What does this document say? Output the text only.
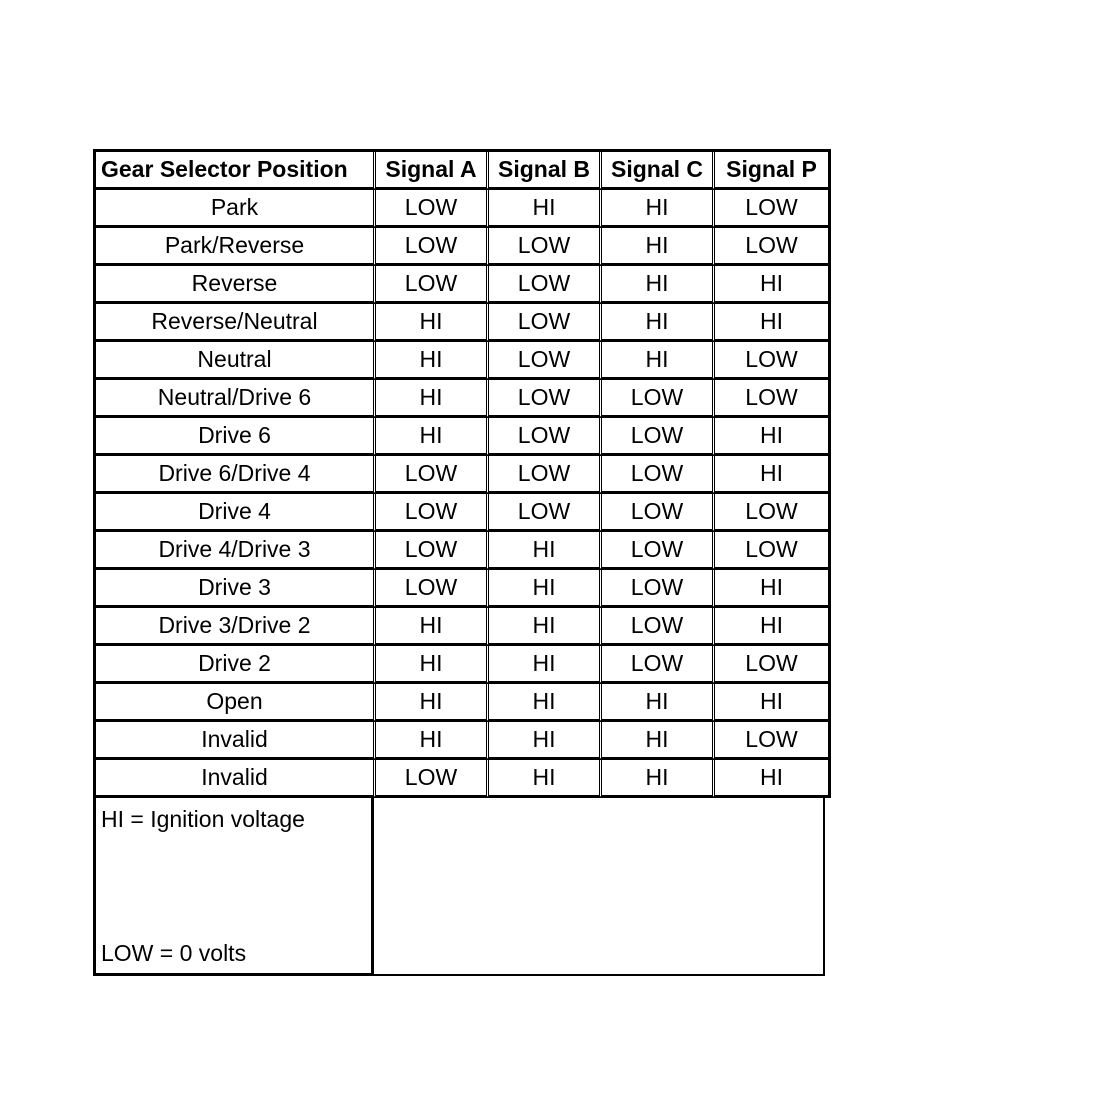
Gear Selector Position	Signal A	Signal B	Signal C	Signal P
Park	LOW	HI	HI	LOW
Park/Reverse	LOW	LOW	HI	LOW
Reverse	LOW	LOW	HI	HI
Reverse/Neutral	HI	LOW	HI	HI
Neutral	HI	LOW	HI	LOW
Neutral/Drive 6	HI	LOW	LOW	LOW
Drive 6	HI	LOW	LOW	HI
Drive 6/Drive 4	LOW	LOW	LOW	HI
Drive 4	LOW	LOW	LOW	LOW
Drive 4/Drive 3	LOW	HI	LOW	LOW
Drive 3	LOW	HI	LOW	HI
Drive 3/Drive 2	HI	HI	LOW	HI
Drive 2	HI	HI	LOW	LOW
Open	HI	HI	HI	HI
Invalid	HI	HI	HI	LOW
Invalid	LOW	HI	HI	HI
HI = Ignition voltage
LOW = 0 volts
